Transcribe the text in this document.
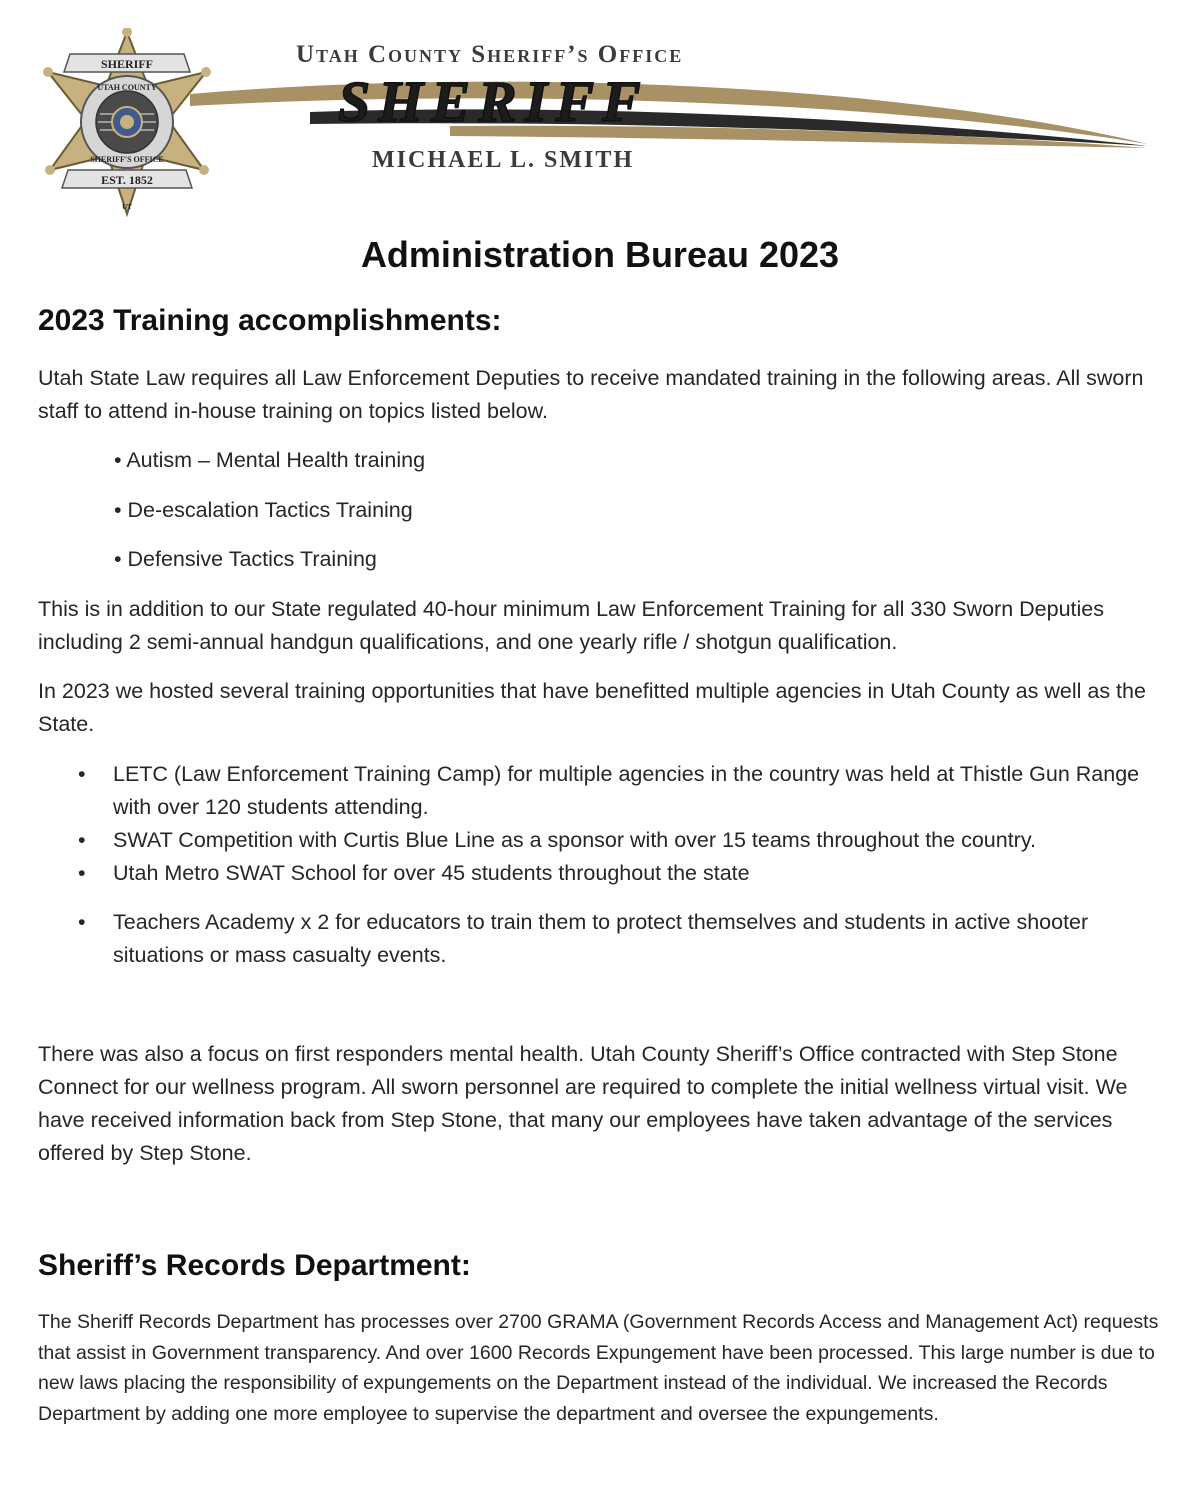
SHERIFF
UTAH COUNTY
SHERIFF'S OFFICE
EST. 1852
UT
Utah County Sheriff’s Office
SHERIFF
MICHAEL L. SMITH
Administration Bureau 2023
2023 Training accomplishments:
Utah State Law requires all Law Enforcement Deputies to receive mandated training in the following areas. All sworn staff to attend in-house training on topics listed below.
• Autism – Mental Health training
• De-escalation Tactics Training
• Defensive Tactics Training
This is in addition to our State regulated 40-hour minimum Law Enforcement Training for all 330 Sworn Deputies including 2 semi-annual handgun qualifications, and one yearly rifle / shotgun qualification.
In 2023 we hosted several training opportunities that have benefitted multiple agencies in Utah County as well as the State.
• LETC (Law Enforcement Training Camp) for multiple agencies in the country was held at Thistle Gun Range with over 120 students attending.
• SWAT Competition with Curtis Blue Line as a sponsor with over 15 teams throughout the country.
• Utah Metro SWAT School for over 45 students throughout the state
• Teachers Academy x 2 for educators to train them to protect themselves and students in active shooter situations or mass casualty events.
There was also a focus on first responders mental health. Utah County Sheriff’s Office contracted with Step Stone Connect for our wellness program. All sworn personnel are required to complete the initial wellness virtual visit. We have received information back from Step Stone, that many our employees have taken advantage of the services offered by Step Stone.
Sheriff’s Records Department:
The Sheriff Records Department has processes over 2700 GRAMA (Government Records Access and Management Act) requests that assist in Government transparency. And over 1600 Records Expungement have been processed. This large number is due to new laws placing the responsibility of expungements on the Department instead of the individual. We increased the Records Department by adding one more employee to supervise the department and oversee the expungements.
